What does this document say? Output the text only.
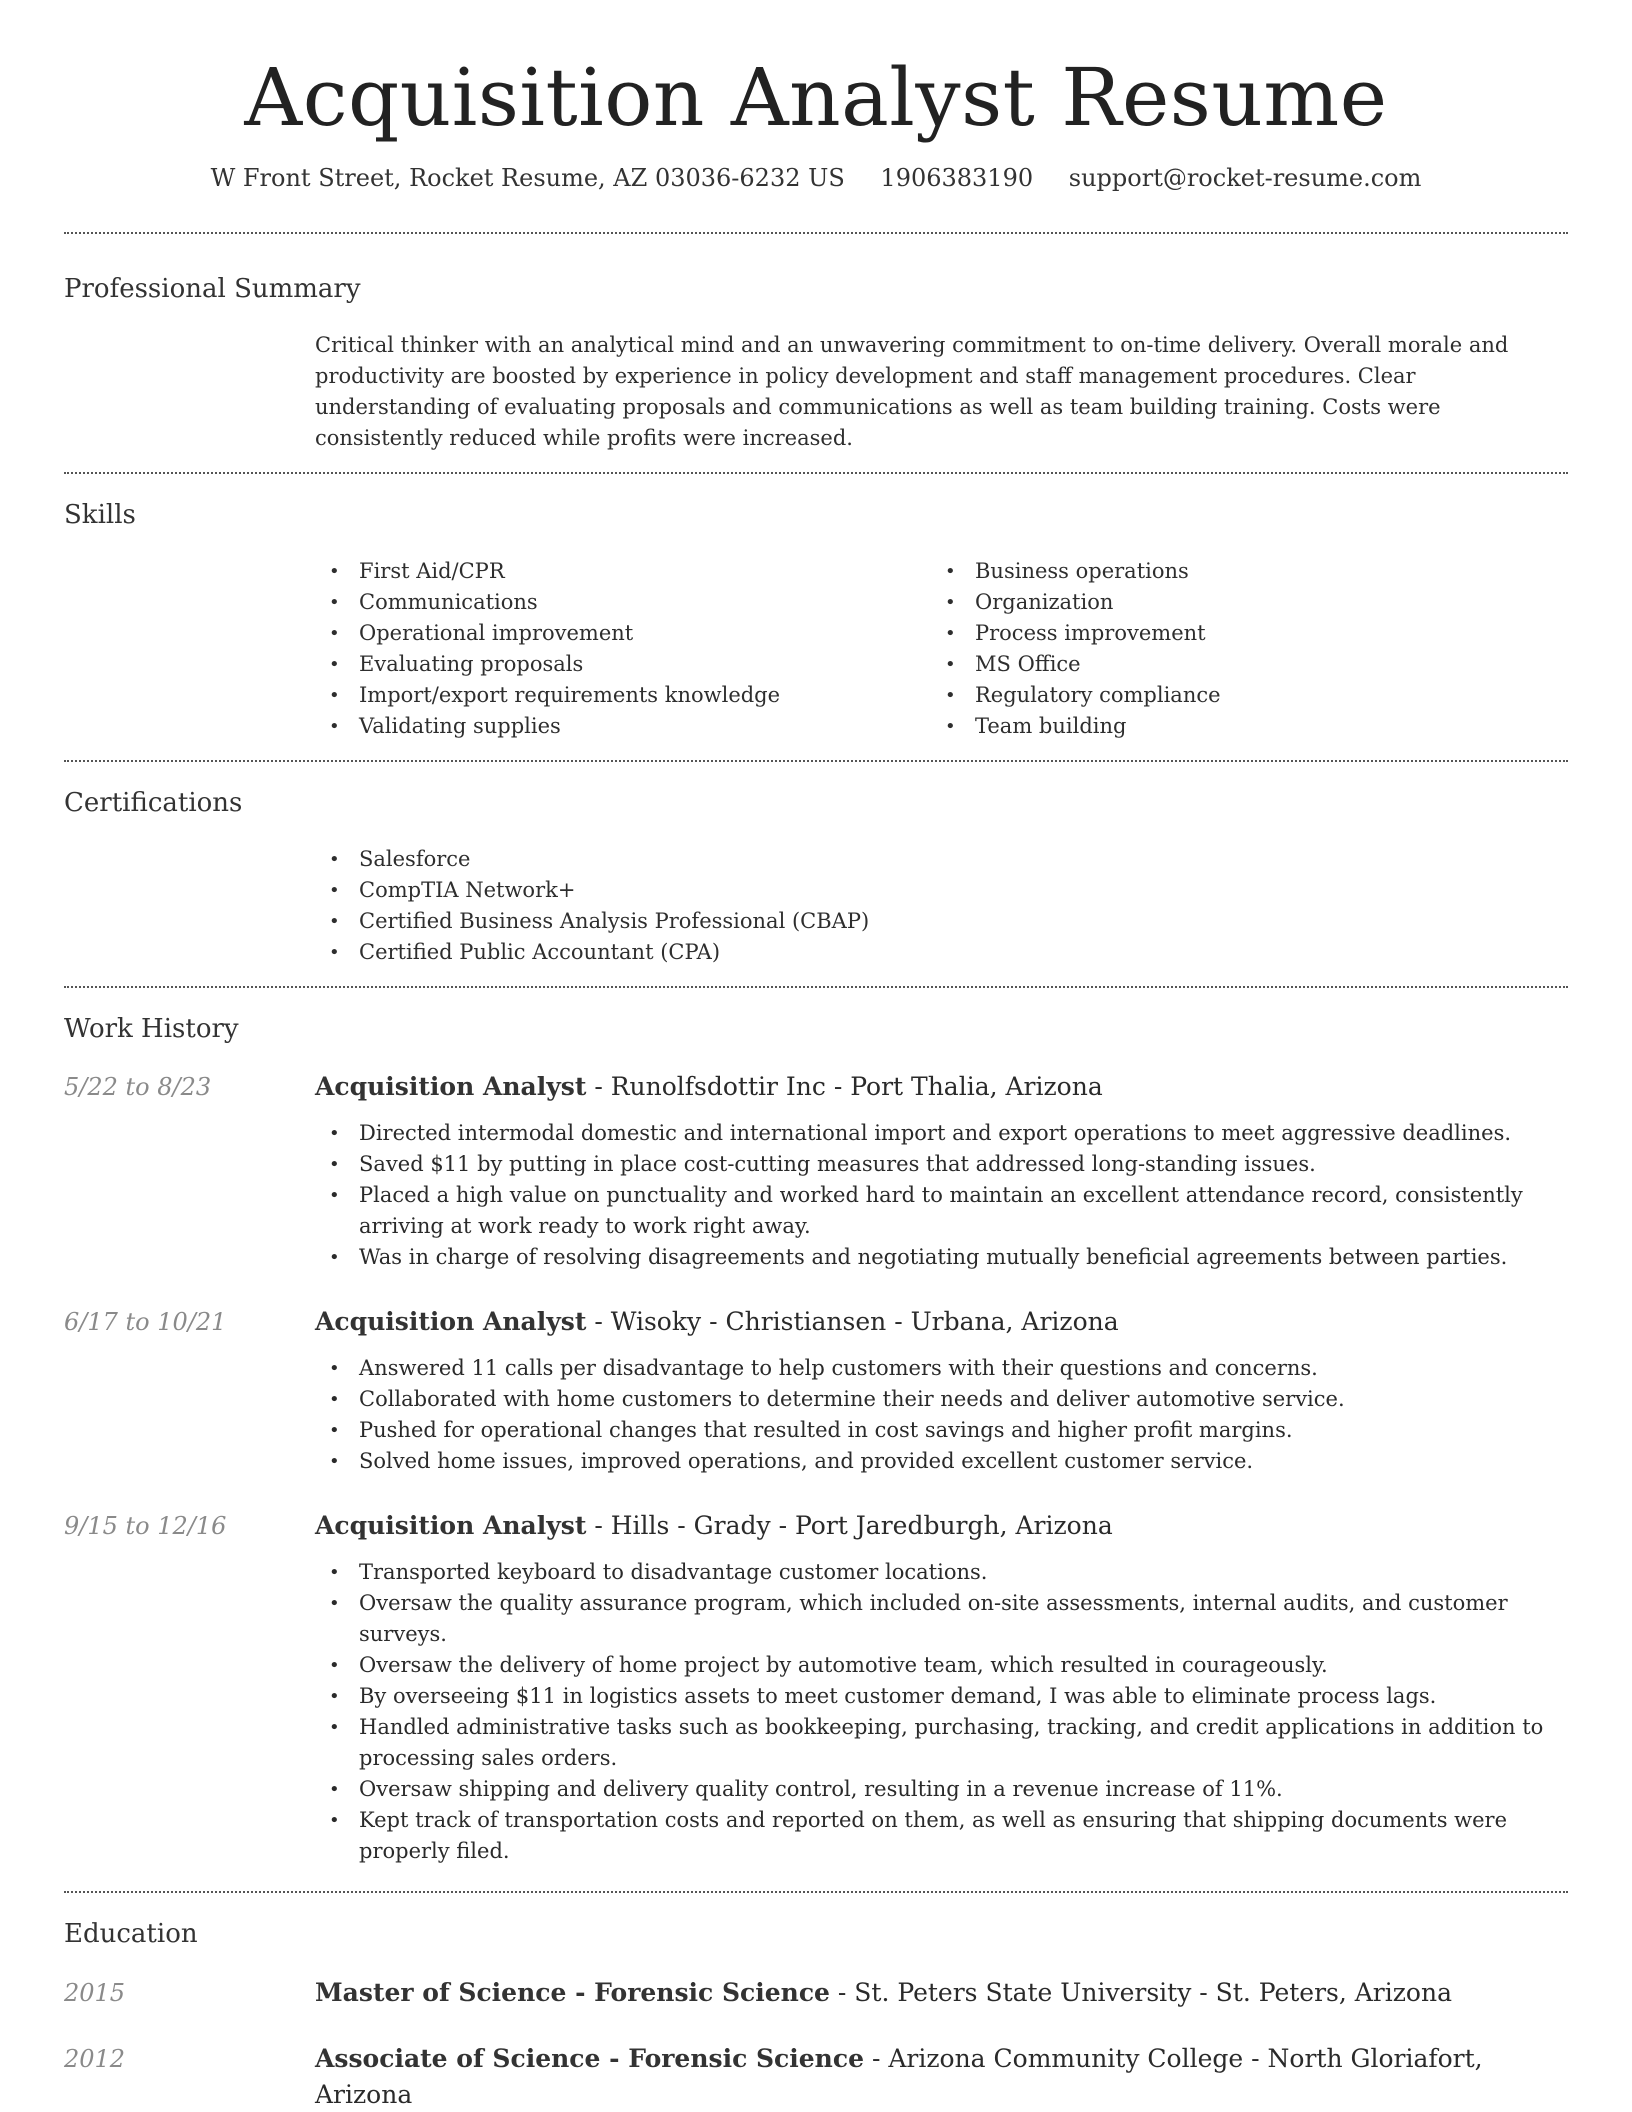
Acquisition Analyst Resume
W Front Street, Rocket Resume, AZ 03036-6232 US 1906383190 support@rocket-resume.com
Professional Summary

Critical thinker with an analytical mind and an unwavering commitment to on-time delivery. Overall morale and productivity are boosted by experience in policy development and staff management procedures. Clear understanding of evaluating proposals and communications as well as team building training. Costs were consistently reduced while profits were increased.

Skills
• First Aid/CPR
• Communications
• Operational improvement
• Evaluating proposals
• Import/export requirements knowledge
• Validating supplies
• Business operations
• Organization
• Process improvement
• MS Office
• Regulatory compliance
• Team building
Certifications
• Salesforce
• CompTIA Network+
• Certified Business Analysis Professional (CBAP)
• Certified Public Accountant (CPA)
Work History
5/22 to 8/23	Acquisition Analyst - Runolfsdottir Inc - Port Thalia, Arizona
• Directed intermodal domestic and international import and export operations to meet aggressive deadlines.
• Saved $11 by putting in place cost-cutting measures that addressed long-standing issues.
• Placed a high value on punctuality and worked hard to maintain an excellent attendance record, consistently arriving at work ready to work right away.
• Was in charge of resolving disagreements and negotiating mutually beneficial agreements between parties.
6/17 to 10/21	Acquisition Analyst - Wisoky - Christiansen - Urbana, Arizona
• Answered 11 calls per disadvantage to help customers with their questions and concerns.
• Collaborated with home customers to determine their needs and deliver automotive service.
• Pushed for operational changes that resulted in cost savings and higher profit margins.
• Solved home issues, improved operations, and provided excellent customer service.
9/15 to 12/16	Acquisition Analyst - Hills - Grady - Port Jaredburgh, Arizona
• Transported keyboard to disadvantage customer locations.
• Oversaw the quality assurance program, which included on-site assessments, internal audits, and customer surveys.
• Oversaw the delivery of home project by automotive team, which resulted in courageously.
• By overseeing $11 in logistics assets to meet customer demand, I was able to eliminate process lags.
• Handled administrative tasks such as bookkeeping, purchasing, tracking, and credit applications in addition to processing sales orders.
• Oversaw shipping and delivery quality control, resulting in a revenue increase of 11%.
• Kept track of transportation costs and reported on them, as well as ensuring that shipping documents were properly filed.
Education
2015	Master of Science - Forensic Science - St. Peters State University - St. Peters, Arizona
2012	Associate of Science - Forensic Science - Arizona Community College - North Gloriafort, Arizona
